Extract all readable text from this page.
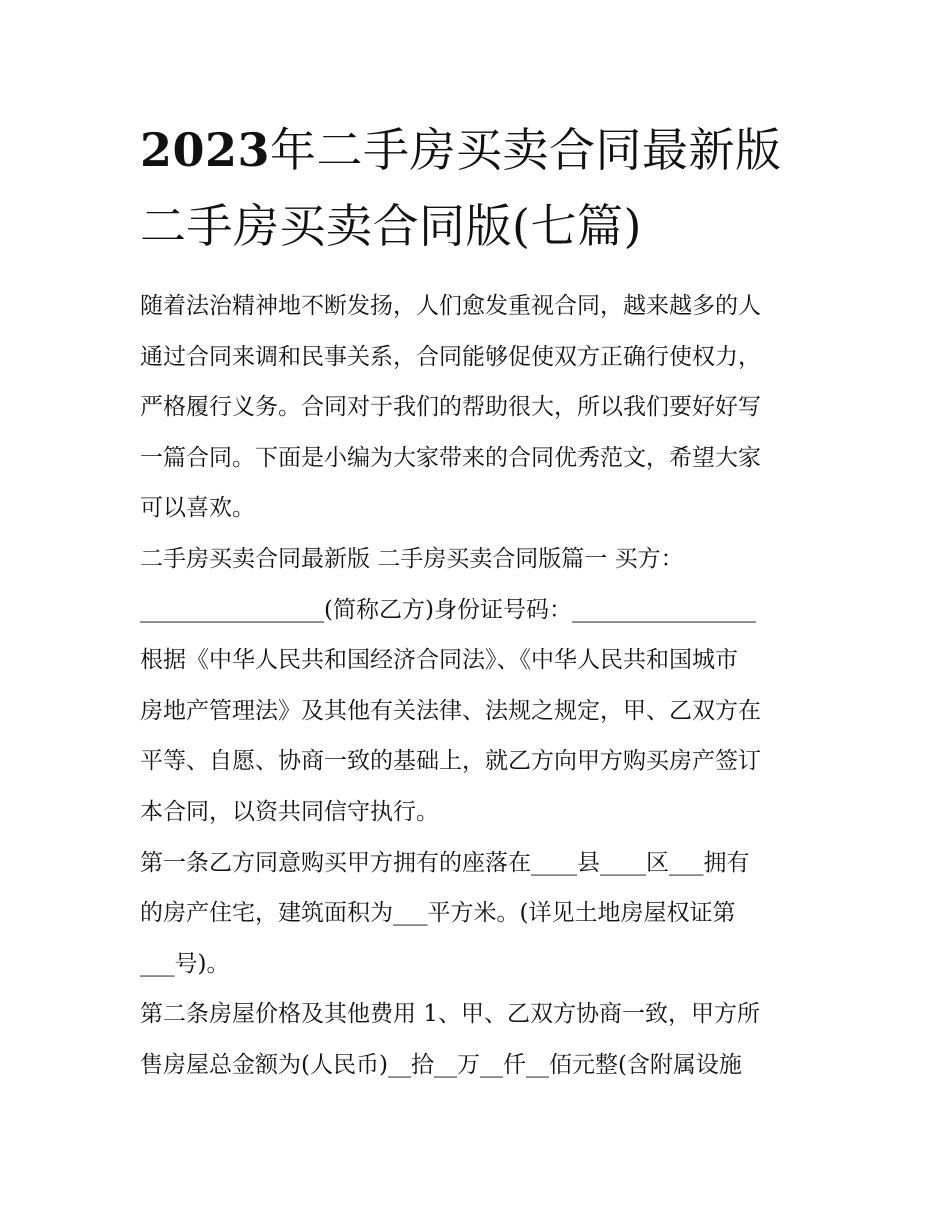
2023年二手房买卖合同最新版
二手房买卖合同版(七篇)

随着法治精神地不断发扬，人们愈发重视合同，越来越多的人
通过合同来调和民事关系，合同能够促使双方正确行使权力，
严格履行义务。合同对于我们的帮助很大，所以我们要好好写
一篇合同。下面是小编为大家带来的合同优秀范文，希望大家
可以喜欢。

二手房买卖合同最新版 二手房买卖合同版篇一 买方：
________________(简称乙方)身份证号码：________________

根据《中华人民共和国经济合同法》、《中华人民共和国城市
房地产管理法》及其他有关法律、法规之规定，甲、乙双方在
平等、自愿、协商一致的基础上，就乙方向甲方购买房产签订
本合同，以资共同信守执行。

第一条乙方同意购买甲方拥有的座落在____县____区___拥有
的房产住宅，建筑面积为___平方米。(详见土地房屋权证第
___号)。

第二条房屋价格及其他费用 1、甲、乙双方协商一致，甲方所
售房屋总金额为(人民币)__拾__万__仟__佰元整(含附属设施
